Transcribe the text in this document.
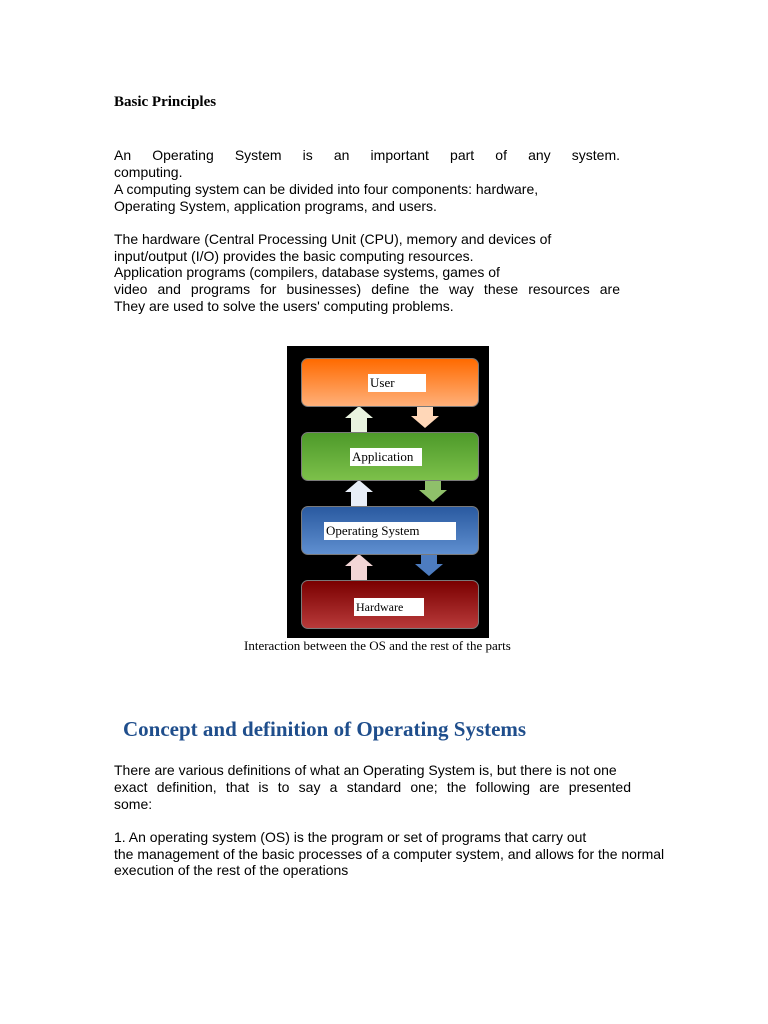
Basic Principles
An Operating System is an important part of any system.
computing.
A computing system can be divided into four components: hardware,
Operating System, application programs, and users.
The hardware (Central Processing Unit (CPU), memory and devices of
input/output (I/O) provides the basic computing resources.
Application programs (compilers, database systems, games of
video and programs for businesses) define the way these resources are
They are used to solve the users' computing problems.
User
Application
Operating System
Hardware
Interaction between the OS and the rest of the parts
Concept and definition of Operating Systems
There are various definitions of what an Operating System is, but there is not one
exact definition, that is to say a standard one; the following are presented
some:
1. An operating system (OS) is the program or set of programs that carry out
the management of the basic processes of a computer system, and allows for the normal
execution of the rest of the operations
